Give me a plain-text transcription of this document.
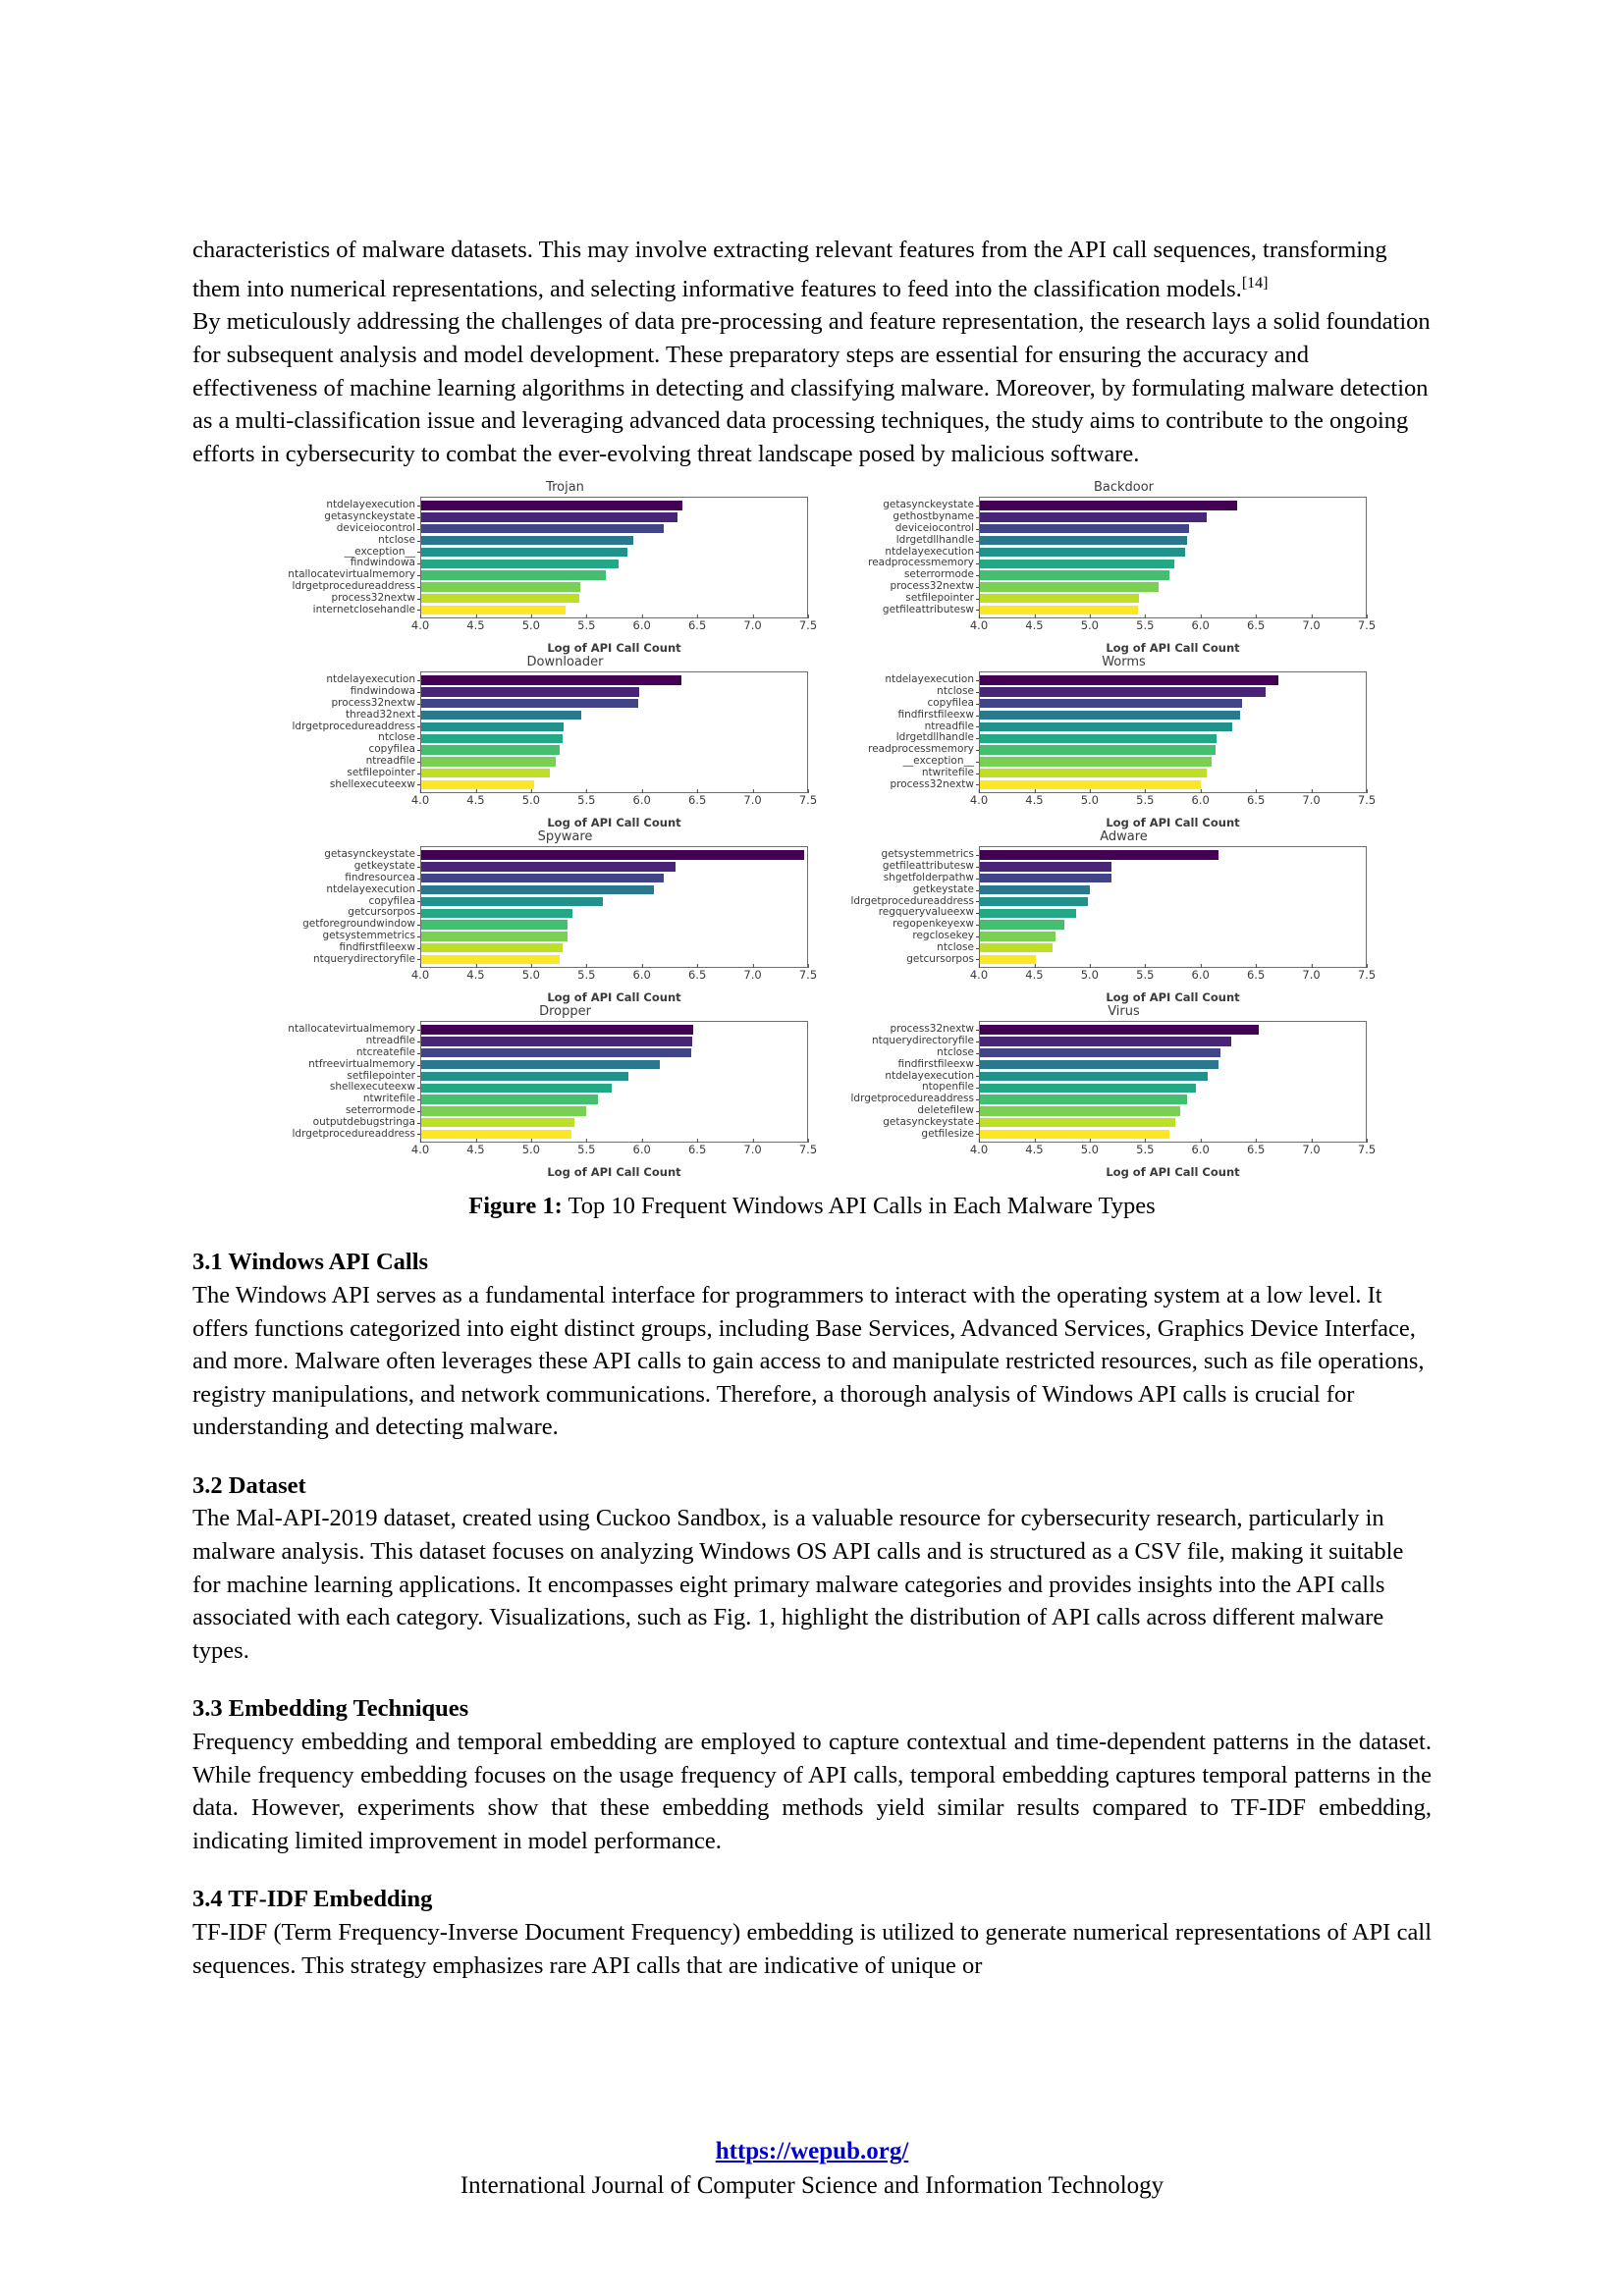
characteristics of malware datasets. This may involve extracting relevant features from the API call sequences, transforming them into numerical representations, and selecting informative features to feed into the classification models.[14]

By meticulously addressing the challenges of data pre-processing and feature representation, the research lays a solid foundation for subsequent analysis and model development. These preparatory steps are essential for ensuring the accuracy and effectiveness of machine learning algorithms in detecting and classifying malware. Moreover, by formulating malware detection as a multi-classification issue and leveraging advanced data processing techniques, the study aims to contribute to the ongoing efforts in cybersecurity to combat the ever-evolving threat landscape posed by malicious software.

Trojan
ntdelayexecution
getasynckeystate
deviceiocontrol
ntclose
__exception__
findwindowa
ntallocatevirtualmemory
ldrgetprocedureaddress
process32nextw
internetclosehandle
4.0	4.5	5.0	5.5	6.0	6.5	7.0	7.5
Log of API Call Count
Backdoor
getasynckeystate
gethostbyname
deviceiocontrol
ldrgetdllhandle
ntdelayexecution
readprocessmemory
seterrormode
process32nextw
setfilepointer
getfileattributesw
4.0	4.5	5.0	5.5	6.0	6.5	7.0	7.5
Log of API Call Count
Downloader
ntdelayexecution
findwindowa
process32nextw
thread32next
ldrgetprocedureaddress
ntclose
copyfilea
ntreadfile
setfilepointer
shellexecuteexw
4.0	4.5	5.0	5.5	6.0	6.5	7.0	7.5
Log of API Call Count
Worms
ntdelayexecution
ntclose
copyfilea
findfirstfileexw
ntreadfile
ldrgetdllhandle
readprocessmemory
__exception__
ntwritefile
process32nextw
4.0	4.5	5.0	5.5	6.0	6.5	7.0	7.5
Log of API Call Count
Spyware
getasynckeystate
getkeystate
findresourcea
ntdelayexecution
copyfilea
getcursorpos
getforegroundwindow
getsystemmetrics
findfirstfileexw
ntquerydirectoryfile
4.0	4.5	5.0	5.5	6.0	6.5	7.0	7.5
Log of API Call Count
Adware
getsystemmetrics
getfileattributesw
shgetfolderpathw
getkeystate
ldrgetprocedureaddress
regqueryvalueexw
regopenkeyexw
regclosekey
ntclose
getcursorpos
4.0	4.5	5.0	5.5	6.0	6.5	7.0	7.5
Log of API Call Count
Dropper
ntallocatevirtualmemory
ntreadfile
ntcreatefile
ntfreevirtualmemory
setfilepointer
shellexecuteexw
ntwritefile
seterrormode
outputdebugstringa
ldrgetprocedureaddress
4.0	4.5	5.0	5.5	6.0	6.5	7.0	7.5
Log of API Call Count
Virus
process32nextw
ntquerydirectoryfile
ntclose
findfirstfileexw
ntdelayexecution
ntopenfile
ldrgetprocedureaddress
deletefilew
getasynckeystate
getfilesize
4.0	4.5	5.0	5.5	6.0	6.5	7.0	7.5
Log of API Call Count
Figure 1: Top 10 Frequent Windows API Calls in Each Malware Types
3.1 Windows API Calls

The Windows API serves as a fundamental interface for programmers to interact with the operating system at a low level. It offers functions categorized into eight distinct groups, including Base Services, Advanced Services, Graphics Device Interface, and more. Malware often leverages these API calls to gain access to and manipulate restricted resources, such as file operations, registry manipulations, and network communications. Therefore, a thorough analysis of Windows API calls is crucial for understanding and detecting malware.

3.2 Dataset

The Mal-API-2019 dataset, created using Cuckoo Sandbox, is a valuable resource for cybersecurity research, particularly in malware analysis. This dataset focuses on analyzing Windows OS API calls and is structured as a CSV file, making it suitable for machine learning applications. It encompasses eight primary malware categories and provides insights into the API calls associated with each category. Visualizations, such as Fig. 1, highlight the distribution of API calls across different malware types.

3.3 Embedding Techniques

Frequency embedding and temporal embedding are employed to capture contextual and time-dependent patterns in the dataset. While frequency embedding focuses on the usage frequency of API calls, temporal embedding captures temporal patterns in the data. However, experiments show that these embedding methods yield similar results compared to TF-IDF embedding, indicating limited improvement in model performance.

3.4 TF-IDF Embedding

TF-IDF (Term Frequency-Inverse Document Frequency) embedding is utilized to generate numerical representations of API call sequences. This strategy emphasizes rare API calls that are indicative of unique or

https://wepub.org/
International Journal of Computer Science and Information Technology
